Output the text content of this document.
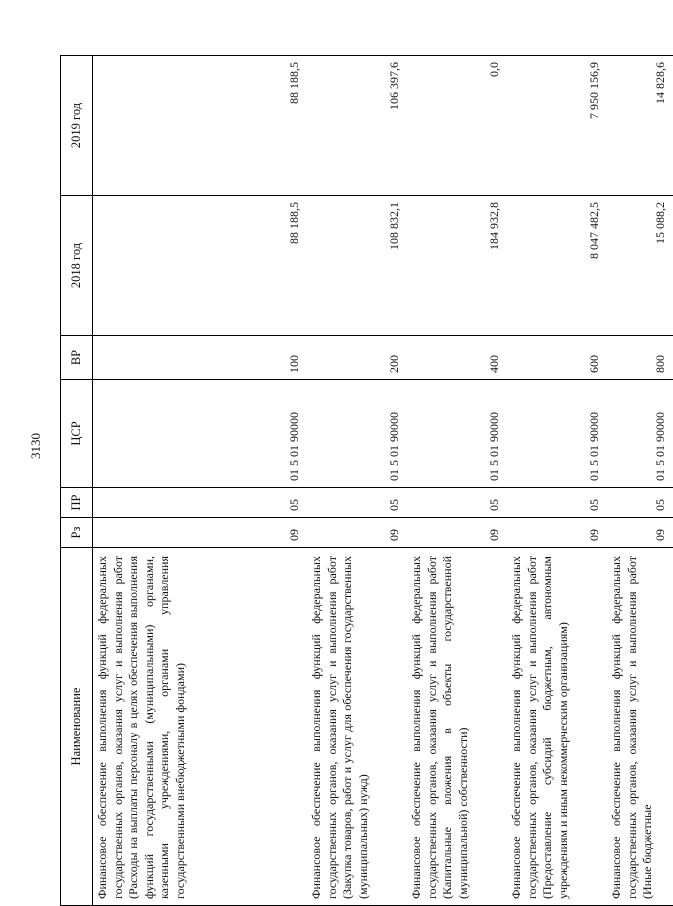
3130
Наименование	Рз	ПР	ЦСР	ВР	2018 год	2019 год
Финансовое обеспечение выполнения функций федеральных государственных органов, оказания услуг и выполнения работ (Расходы на выплаты персоналу в целях обеспечения выполнения функций государственными (муниципальными) органами, казенными учреждениями, органами управления государственными внебюджетными фондами)	09	05	01 5 01 90000	100	88 188,5	88 188,5
Финансовое обеспечение выполнения функций федеральных государственных органов, оказания услуг и выполнения работ (Закупка товаров, работ и услуг для обеспечения государственных (муниципальных) нужд)	09	05	01 5 01 90000	200	108 832,1	106 397,6
Финансовое обеспечение выполнения функций федеральных государственных органов, оказания услуг и выполнения работ (Капитальные вложения в объекты государственной (муниципальной) собственности)	09	05	01 5 01 90000	400	184 932,8	0,0
Финансовое обеспечение выполнения функций федеральных государственных органов, оказания услуг и выполнения работ (Предоставление субсидий бюджетным, автономным учреждениям и иным некоммерческим организациям)	09	05	01 5 01 90000	600	8 047 482,5	7 950 156,9
Финансовое обеспечение выполнения функций федеральных государственных органов, оказания услуг и выполнения работ (Иные бюджетные	09	05	01 5 01 90000	800	15 088,2	14 828,6
